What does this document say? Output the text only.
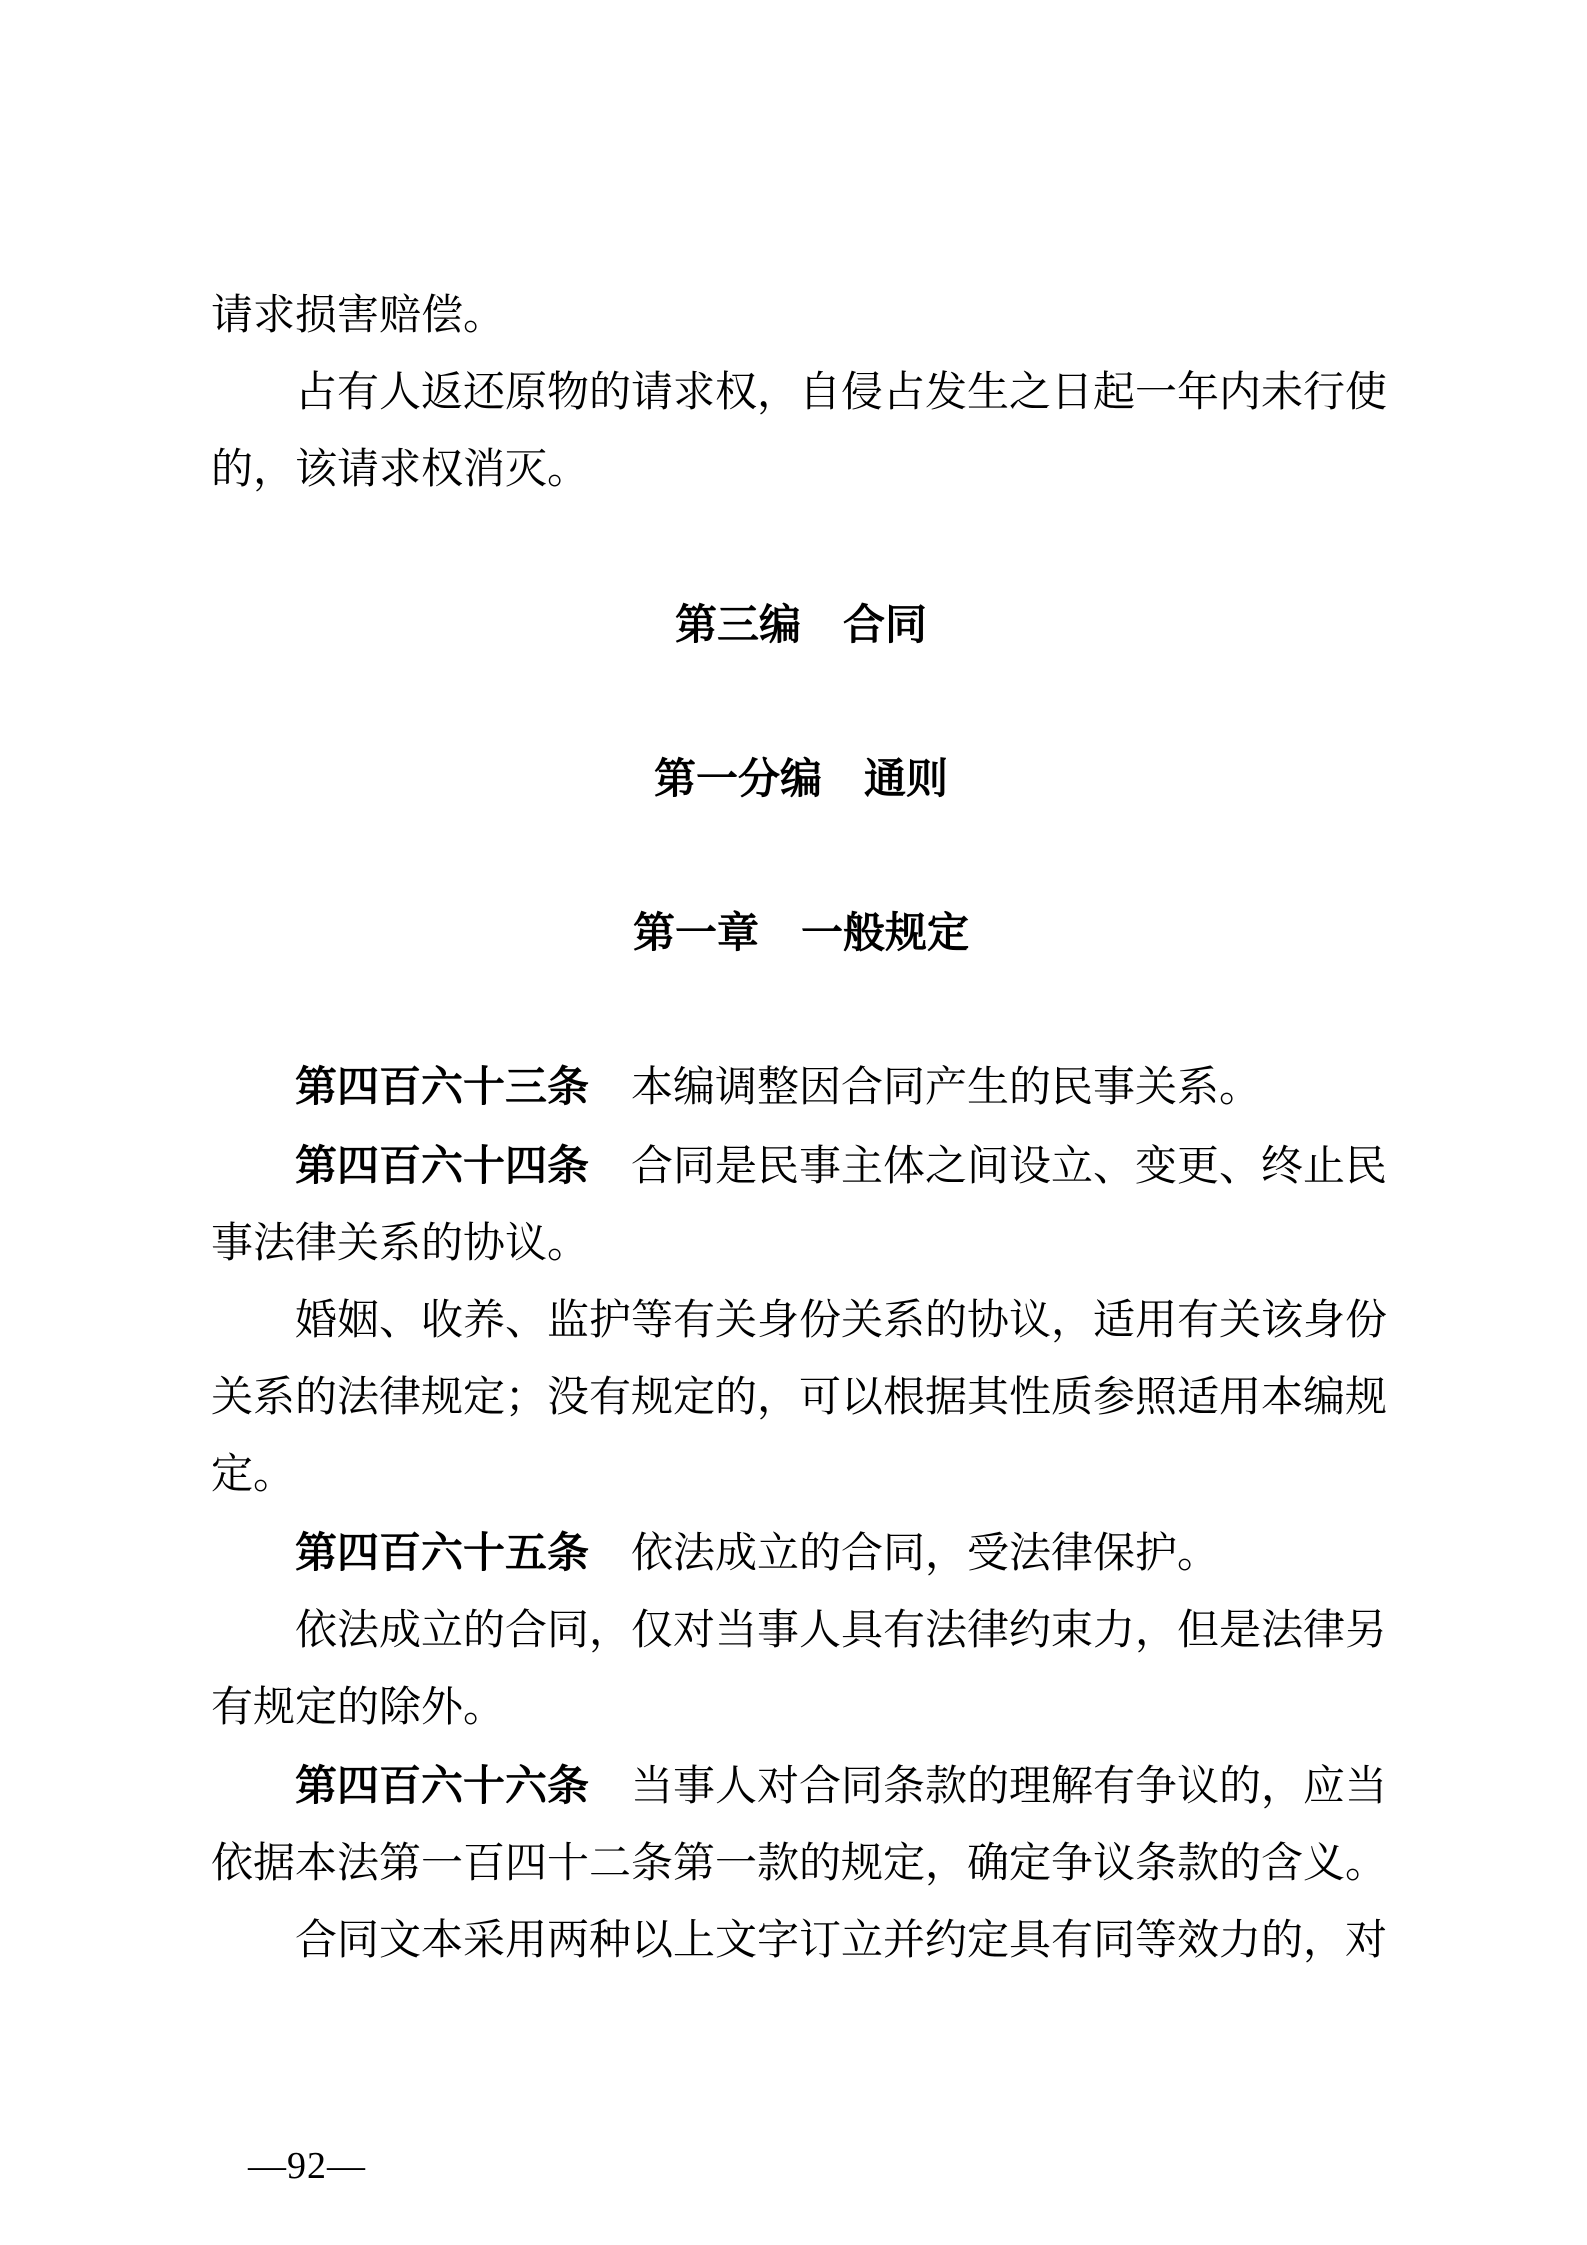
请求损害赔偿。
占有人返还原物的请求权，自侵占发生之日起一年内未行使
的，该请求权消灭。
第三编　合同
第一分编　通则
第一章　一般规定
第四百六十三条 本编调整因合同产生的民事关系。
第四百六十四条 合同是民事主体之间设立、变更、终止民
事法律关系的协议。
婚姻、收养、监护等有关身份关系的协议，适用有关该身份
关系的法律规定；没有规定的，可以根据其性质参照适用本编规
定。
第四百六十五条 依法成立的合同，受法律保护。
依法成立的合同，仅对当事人具有法律约束力，但是法律另
有规定的除外。
第四百六十六条 当事人对合同条款的理解有争议的，应当
依据本法第一百四十二条第一款的规定，确定争议条款的含义。
合同文本采用两种以上文字订立并约定具有同等效力的，对
—92—
